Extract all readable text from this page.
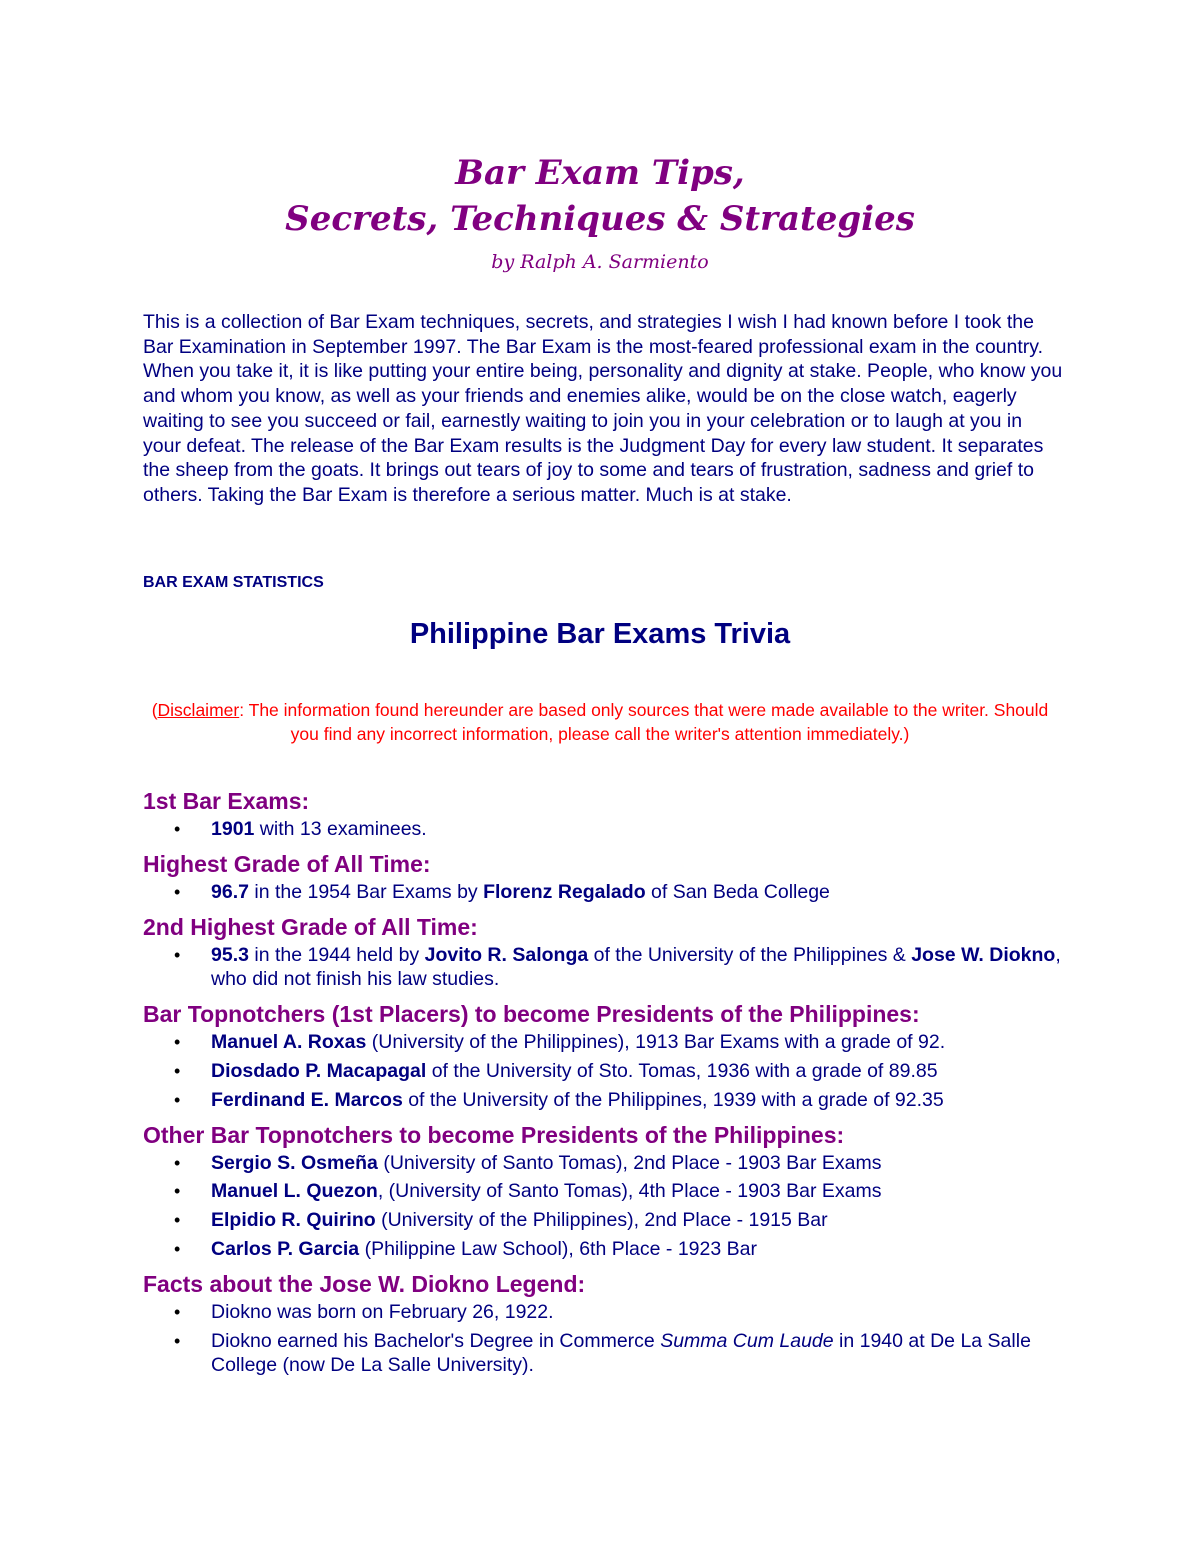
Bar Exam Tips,
Secrets, Techniques & Strategies
by Ralph A. Sarmiento

This is a collection of Bar Exam techniques, secrets, and strategies I wish I had known before I took the Bar Examination in September 1997. The Bar Exam is the most-feared professional exam in the country. When you take it, it is like putting your entire being, personality and dignity at stake. People, who know you and whom you know, as well as your friends and enemies alike, would be on the close watch, eagerly waiting to see you succeed or fail, earnestly waiting to join you in your celebration or to laugh at you in your defeat. The release of the Bar Exam results is the Judgment Day for every law student. It separates the sheep from the goats. It brings out tears of joy to some and tears of frustration, sadness and grief to others. Taking the Bar Exam is therefore a serious matter. Much is at stake.

BAR EXAM STATISTICS
Philippine Bar Exams Trivia

(Disclaimer: The information found hereunder are based only sources that were made available to the writer. Should you find any incorrect information, please call the writer's attention immediately.)

1st Bar Exams:
• 1901 with 13 examinees.
Highest Grade of All Time:
• 96.7 in the 1954 Bar Exams by Florenz Regalado of San Beda College
2nd Highest Grade of All Time:
• 95.3 in the 1944 held by Jovito R. Salonga of the University of the Philippines & Jose W. Diokno, who did not finish his law studies.
Bar Topnotchers (1st Placers) to become Presidents of the Philippines:
• Manuel A. Roxas (University of the Philippines), 1913 Bar Exams with a grade of 92.
• Diosdado P. Macapagal of the University of Sto. Tomas, 1936 with a grade of 89.85
• Ferdinand E. Marcos of the University of the Philippines, 1939 with a grade of 92.35
Other Bar Topnotchers to become Presidents of the Philippines:
• Sergio S. Osmeña (University of Santo Tomas), 2nd Place - 1903 Bar Exams
• Manuel L. Quezon, (University of Santo Tomas), 4th Place - 1903 Bar Exams
• Elpidio R. Quirino (University of the Philippines), 2nd Place - 1915 Bar
• Carlos P. Garcia (Philippine Law School), 6th Place - 1923 Bar
Facts about the Jose W. Diokno Legend:
• Diokno was born on February 26, 1922.
• Diokno earned his Bachelor's Degree in Commerce Summa Cum Laude in 1940 at De La Salle College (now De La Salle University).
